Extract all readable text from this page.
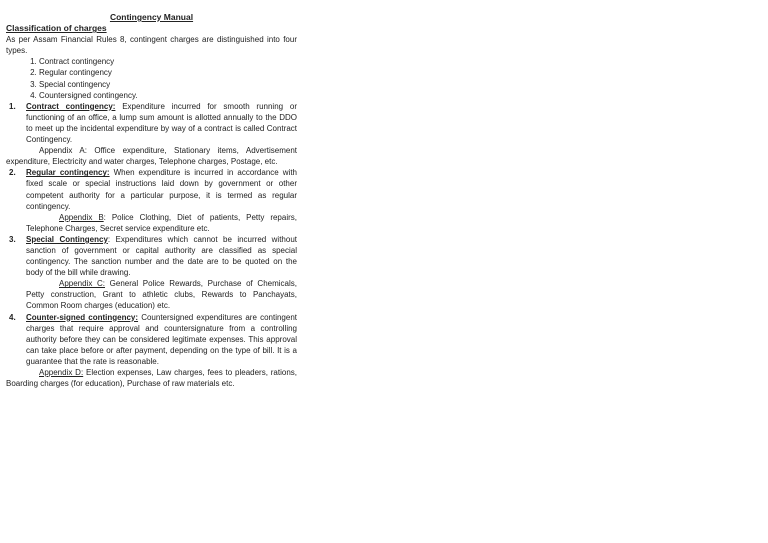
Contingency Manual
Classification of charges
As per Assam Financial Rules 8, contingent charges are distinguished into four types.
1. Contract contingency
2. Regular contingency
3. Special contingency
4. Countersigned contingency.
1.	Contract contingency: Expenditure incurred for smooth running or functioning of an office, a lump sum amount is allotted annually to the DDO to meet up the incidental expenditure by way of a contract is called Contract Contingency.
Appendix A: Office expenditure, Stationary items, Advertisement expenditure, Electricity and water charges, Telephone charges, Postage, etc.
2.	Regular contingency: When expenditure is incurred in accordance with fixed scale or special instructions laid down by government or other competent authority for a particular purpose, it is termed as regular contingency.
Appendix B: Police Clothing, Diet of patients, Petty repairs, Telephone Charges, Secret service expenditure etc.
3.	Special Contingency: Expenditures which cannot be incurred without sanction of government or capital authority are classified as special contingency. The sanction number and the date are to be quoted on the body of the bill while drawing.
Appendix C: General Police Rewards, Purchase of Chemicals, Petty construction, Grant to athletic clubs, Rewards to Panchayats, Common Room charges (education) etc.
4.	Counter-signed contingency: Countersigned expenditures are contingent charges that require approval and countersignature from a controlling authority before they can be considered legitimate expenses. This approval can take place before or after payment, depending on the type of bill. It is a guarantee that the rate is reasonable.
Appendix D: Election expenses, Law charges, fees to pleaders, rations, Boarding charges (for education), Purchase of raw materials etc.
